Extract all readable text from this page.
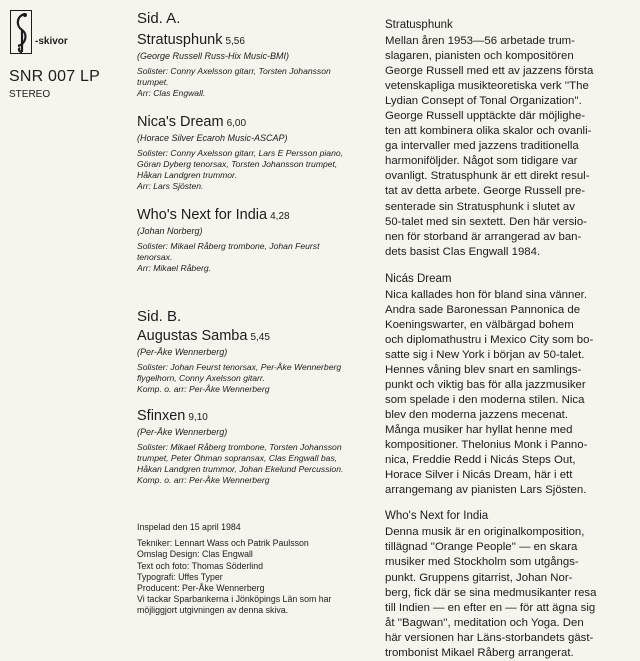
-skivor
SNR 007 LP
STEREO
Sid. A.
Stratusphunk 5,56
(George Russell Russ-Hix Music-BMI)
Solister: Conny Axelsson gitarr, Torsten Johansson
trumpet.
Arr: Clas Engwall.
Nica's Dream 6,00
(Horace Silver Ecaroh Music-ASCAP)
Solister: Conny Axelsson gitarr, Lars E Persson piano,
Göran Dyberg tenorsax, Torsten Johansson trumpet,
Håkan Landgren trummor.
Arr: Lars Sjösten.
Who's Next for India 4,28
(Johan Norberg)
Solister: Mikael Råberg trombone, Johan Feurst
tenorsax.
Arr: Mikael Råberg.
Sid. B.
Augustas Samba 5,45
(Per-Åke Wennerberg)
Solister: Johan Feurst tenorsax, Per-Åke Wennerberg
flygelhorn, Conny Axelsson gitarr.
Komp. o. arr: Per-Åke Wennerberg
Sfinxen 9,10
(Per-Åke Wennerberg)
Solister: Mikael Råberg trombone, Torsten Johansson
trumpet, Peter Öhman sopransax, Clas Engwall bas,
Håkan Landgren trummor, Johan Ekelund Percussion.
Komp. o. arr: Per-Åke Wennerberg
Inspelad den 15 april 1984
Tekniker: Lennart Wass och Patrik Paulsson
Omslag Design: Clas Engwall
Text och foto: Thomas Söderlind
Typografi: Uffes Typer
Producent: Per-Åke Wennerberg
Vi tackar Sparbankerna i Jönköpings Län som har
möjliggjort utgivningen av denna skiva.
Stratusphunk
Mellan åren 1953—56 arbetade trum-
slagaren, pianisten och kompositören
George Russell med ett av jazzens första
vetenskapliga musikteoretiska verk ''The
Lydian Consept of Tonal Organization''.
George Russell upptäckte där möjlighe-
ten att kombinera olika skalor och ovanli-
ga intervaller med jazzens traditionella
harmoniföljder. Något som tidigare var
ovanligt. Stratusphunk är ett direkt resul-
tat av detta arbete. George Russell pre-
senterade sin Stratusphunk i slutet av
50-talet med sin sextett. Den här versio-
nen för storband är arrangerad av ban-
dets basist Clas Engwall 1984.
Nicás Dream
Nica kallades hon för bland sina vänner.
Andra sade Baronessan Pannonica de
Koeningswarter, en välbärgad bohem
och diplomathustru i Mexico City som bo-
satte sig i New York i början av 50-talet.
Hennes våning blev snart en samlings-
punkt och viktig bas för alla jazzmusiker
som spelade i den moderna stilen. Nica
blev den moderna jazzens mecenat.
Många musiker har hyllat henne med
kompositioner. Thelonius Monk i Panno-
nica, Freddie Redd i Nicás Steps Out,
Horace Silver i Nicás Dream, här i ett
arrangemang av pianisten Lars Sjösten.
Who's Next for India
Denna musik är en originalkomposition,
tillägnad ''Orange People'' — en skara
musiker med Stockholm som utgångs-
punkt. Gruppens gitarrist, Johan Nor-
berg, fick där se sina medmusikanter resa
till Indien — en efter en — för att ägna sig
åt ''Bagwan'', meditation och Yoga. Den
här versionen har Läns-storbandets gäst-
trombonist Mikael Råberg arrangerat.
